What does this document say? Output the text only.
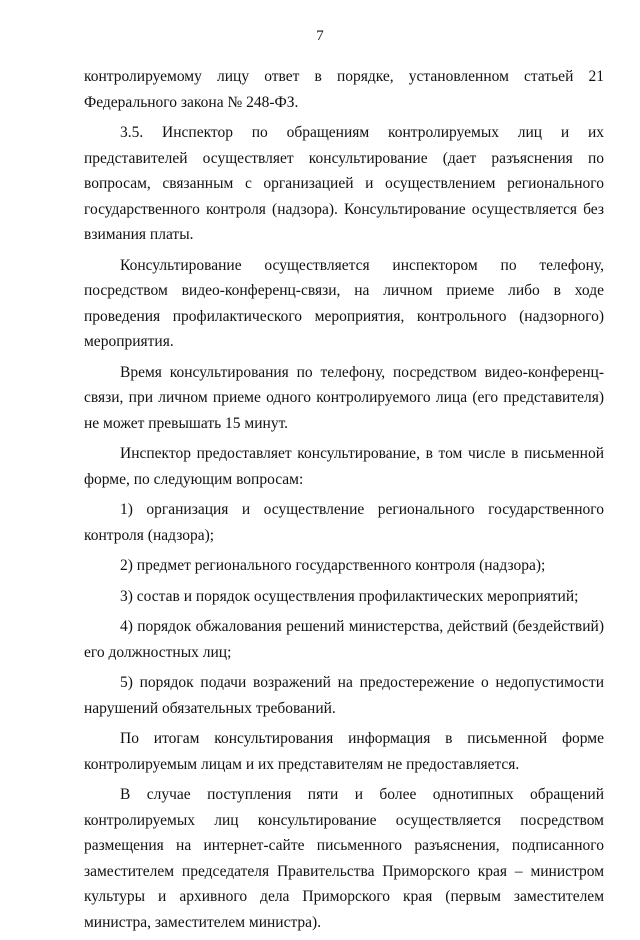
7

контролируемому лицу ответ в порядке, установленном статьей 21 Федерального закона № 248-ФЗ.

3.5. Инспектор по обращениям контролируемых лиц и их представителей осуществляет консультирование (дает разъяснения по вопросам, связанным с организацией и осуществлением регионального государственного контроля (надзора). Консультирование осуществляется без взимания платы.

Консультирование осуществляется инспектором по телефону, посредством видео-конференц-связи, на личном приеме либо в ходе проведения профилактического мероприятия, контрольного (надзорного) мероприятия.

Время консультирования по телефону, посредством видео-конференц-связи, при личном приеме одного контролируемого лица (его представителя) не может превышать 15 минут.

Инспектор предоставляет консультирование, в том числе в письменной форме, по следующим вопросам:

1) организация и осуществление регионального государственного контроля (надзора);

2) предмет регионального государственного контроля (надзора);

3) состав и порядок осуществления профилактических мероприятий;

4) порядок обжалования решений министерства, действий (бездействий) его должностных лиц;

5) порядок подачи возражений на предостережение о недопустимости нарушений обязательных требований.

По итогам консультирования информация в письменной форме контролируемым лицам и их представителям не предоставляется.

В случае поступления пяти и более однотипных обращений контролируемых лиц консультирование осуществляется посредством размещения на интернет-сайте письменного разъяснения, подписанного заместителем председателя Правительства Приморского края – министром культуры и архивного дела Приморского края (первым заместителем министра, заместителем министра).
